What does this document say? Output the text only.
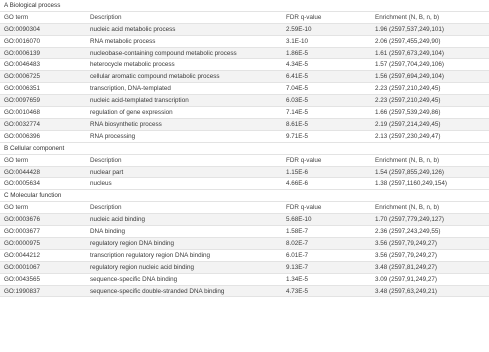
A Biological process
GO term	Description	FDR q-value	Enrichment (N, B, n, b)
GO:0090304	nucleic acid metabolic process	2.59E-10	1.96 (2597,537,249,101)
GO:0016070	RNA metabolic process	3.1E-10	2.06 (2597,455,249,90)
GO:0006139	nucleobase-containing compound metabolic process	1.86E-5	1.61 (2597,673,249,104)
GO:0046483	heterocycle metabolic process	4.34E-5	1.57 (2597,704,249,106)
GO:0006725	cellular aromatic compound metabolic process	6.41E-5	1.56 (2597,694,249,104)
GO:0006351	transcription, DNA-templated	7.04E-5	2.23 (2597,210,249,45)
GO:0097659	nucleic acid-templated transcription	6.03E-5	2.23 (2597,210,249,45)
GO:0010468	regulation of gene expression	7.14E-5	1.66 (2597,539,249,86)
GO:0032774	RNA biosynthetic process	8.61E-5	2.19 (2597,214,249,45)
GO:0006396	RNA processing	9.71E-5	2.13 (2597,230,249,47)
B Cellular component
GO term	Description	FDR q-value	Enrichment (N, B, n, b)
GO:0044428	nuclear part	1.15E-6	1.54 (2597,855,249,126)
GO:0005634	nucleus	4.66E-6	1.38 (2597,1160,249,154)
C Molecular function
GO term	Description	FDR q-value	Enrichment (N, B, n, b)
GO:0003676	nucleic acid binding	5.68E-10	1.70 (2597,779,249,127)
GO:0003677	DNA binding	1.58E-7	2.36 (2597,243,249,55)
GO:0000975	regulatory region DNA binding	8.02E-7	3.56 (2597,79,249,27)
GO:0044212	transcription regulatory region DNA binding	6.01E-7	3.56 (2597,79,249,27)
GO:0001067	regulatory region nucleic acid binding	9.13E-7	3.48 (2597,81,249,27)
GO:0043565	sequence-specific DNA binding	1.34E-5	3.09 (2597,91,249,27)
GO:1990837	sequence-specific double-stranded DNA binding	4.73E-5	3.48 (2597,63,249,21)
